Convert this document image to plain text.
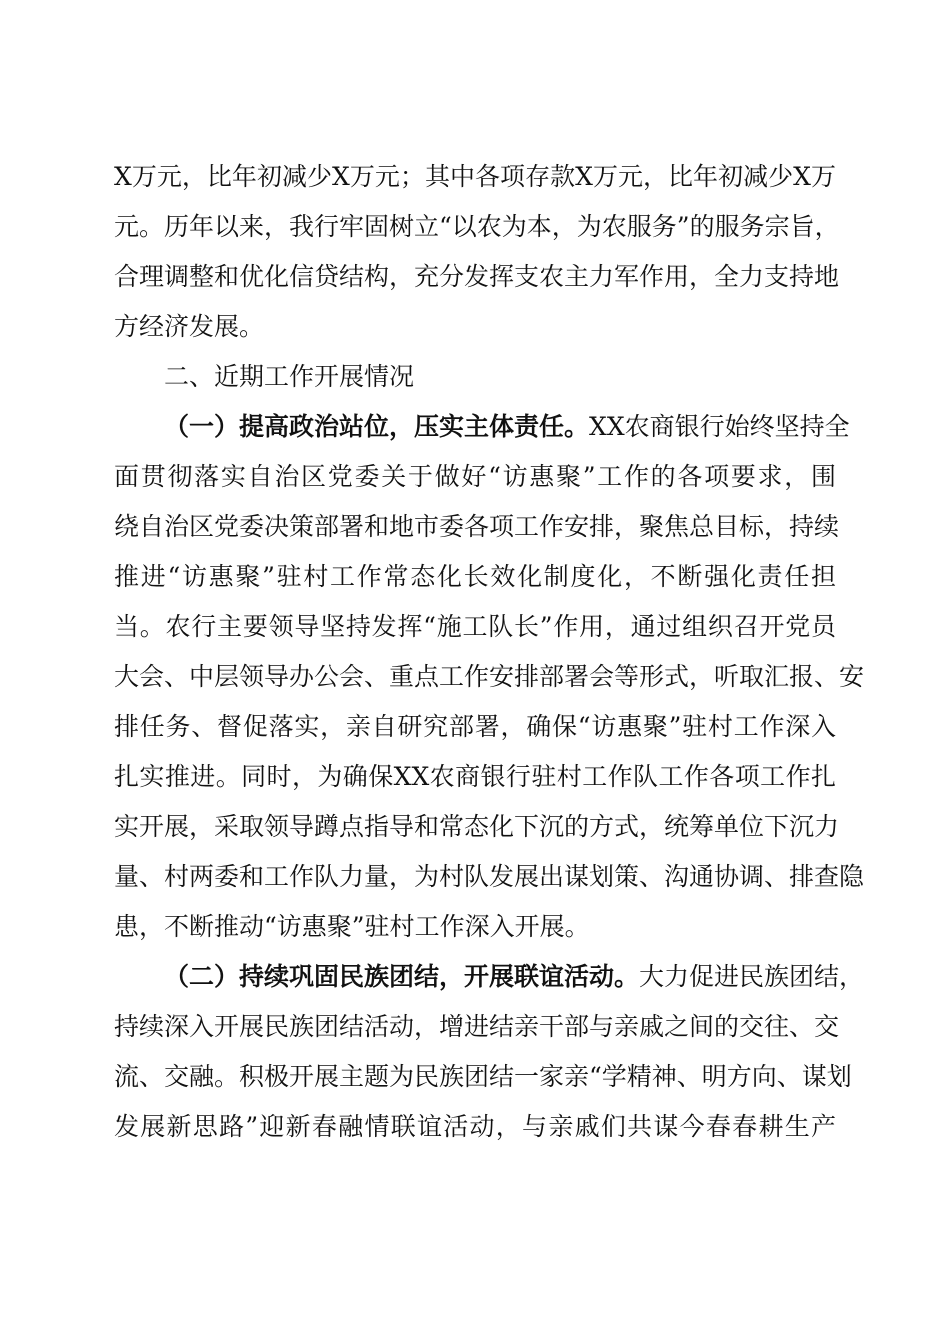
X万元，比年初减少X万元；其中各项存款X万元，比年初减少X万
元。历年以来，我行牢固树立“以农为本，为农服务”的服务宗旨，
合理调整和优化信贷结构，充分发挥支农主力军作用，全力支持地
方经济发展。
二、近期工作开展情况
（一）提高政治站位，压实主体责任。XX农商银行始终坚持全
面贯彻落实自治区党委关于做好“访惠聚”工作的各项要求，围
绕自治区党委决策部署和地市委各项工作安排，聚焦总目标，持续
推进“访惠聚”驻村工作常态化长效化制度化，不断强化责任担
当。农行主要领导坚持发挥“施工队长”作用，通过组织召开党员
大会、中层领导办公会、重点工作安排部署会等形式，听取汇报、安
排任务、督促落实，亲自研究部署，确保“访惠聚”驻村工作深入
扎实推进。同时，为确保XX农商银行驻村工作队工作各项工作扎
实开展，采取领导蹲点指导和常态化下沉的方式，统筹单位下沉力
量、村两委和工作队力量，为村队发展出谋划策、沟通协调、排查隐
患，不断推动“访惠聚”驻村工作深入开展。
（二）持续巩固民族团结，开展联谊活动。大力促进民族团结，
持续深入开展民族团结活动，增进结亲干部与亲戚之间的交往、交
流、交融。积极开展主题为民族团结一家亲“学精神、明方向、谋划
发展新思路”迎新春融情联谊活动，与亲戚们共谋今春春耕生产
